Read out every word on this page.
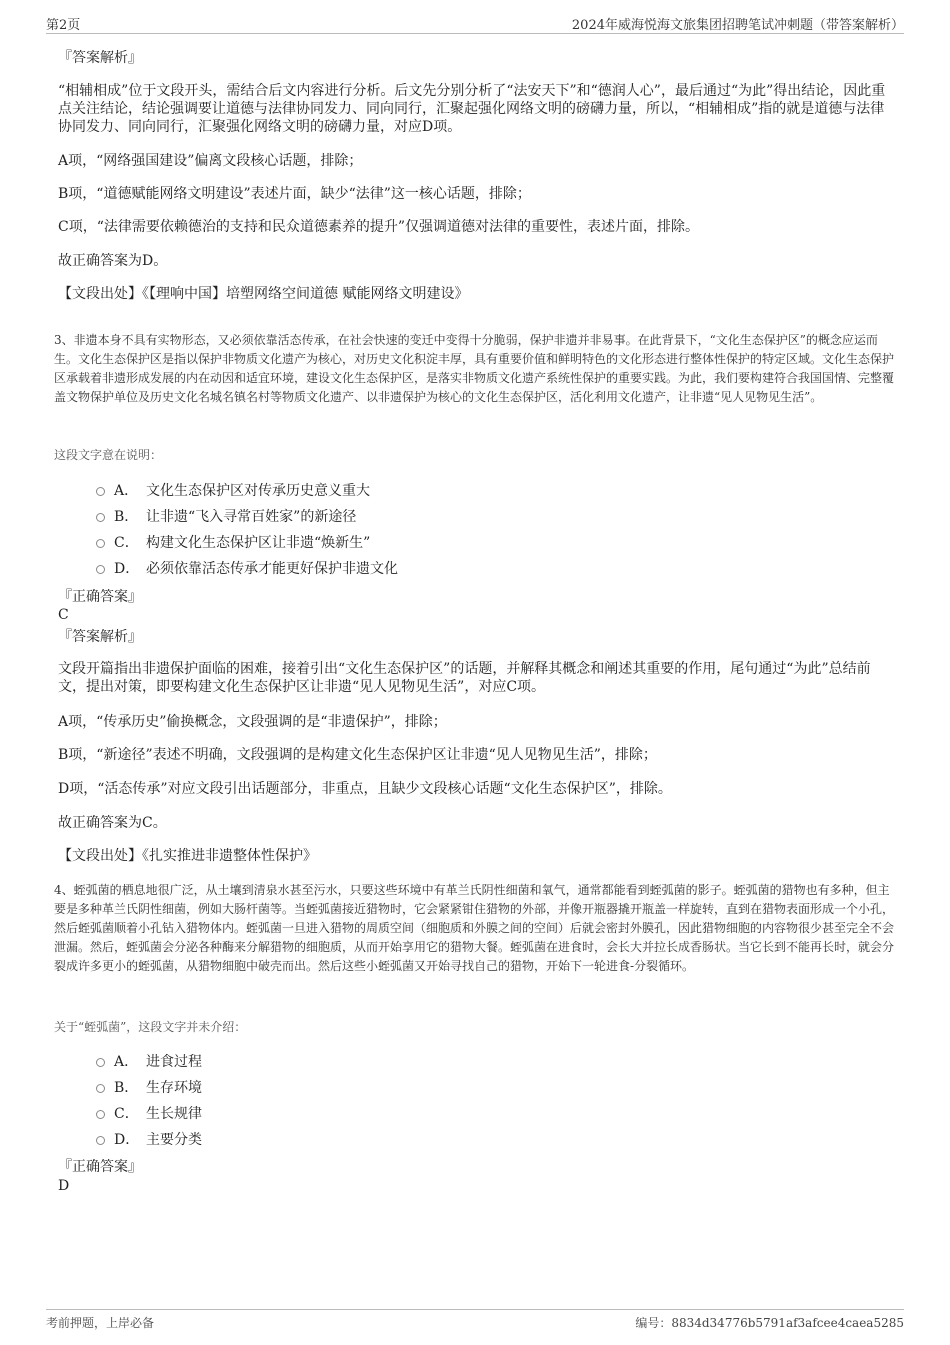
第2页	2024年威海悦海文旅集团招聘笔试冲刺题（带答案解析）
『答案解析』
“相辅相成”位于文段开头，需结合后文内容进行分析。后文先分别分析了“法安天下”和“德润人心”，最后通过“为此”得出结论，因此重点关注结论，结论强调要让道德与法律协同发力、同向同行，汇聚起强化网络文明的磅礴力量，所以，“相辅相成”指的就是道德与法律协同发力、同向同行，汇聚强化网络文明的磅礴力量，对应D项。
A项，“网络强国建设”偏离文段核心话题，排除；
B项，“道德赋能网络文明建设”表述片面，缺少“法律”这一核心话题，排除；
C项，“法律需要依赖德治的支持和民众道德素养的提升”仅强调道德对法律的重要性，表述片面，排除。
故正确答案为D。
【文段出处】《【理响中国】培塑网络空间道德 赋能网络文明建设》
3、非遗本身不具有实物形态，又必须依靠活态传承，在社会快速的变迁中变得十分脆弱，保护非遗并非易事。在此背景下，“文化生态保护区”的概念应运而生。文化生态保护区是指以保护非物质文化遗产为核心，对历史文化积淀丰厚，具有重要价值和鲜明特色的文化形态进行整体性保护的特定区域。文化生态保护区承载着非遗形成发展的内在动因和适宜环境，建设文化生态保护区，是落实非物质文化遗产系统性保护的重要实践。为此，我们要构建符合我国国情、完整覆盖文物保护单位及历史文化名城名镇名村等物质文化遗产、以非遗保护为核心的文化生态保护区，活化利用文化遗产，让非遗“见人见物见生活”。
这段文字意在说明：
A． 文化生态保护区对传承历史意义重大
B． 让非遗“飞入寻常百姓家”的新途径
C． 构建文化生态保护区让非遗“焕新生”
D． 必须依靠活态传承才能更好保护非遗文化
『正确答案』
C
『答案解析』
文段开篇指出非遗保护面临的困难，接着引出“文化生态保护区”的话题，并解释其概念和阐述其重要的作用，尾句通过“为此”总结前文，提出对策，即要构建文化生态保护区让非遗“见人见物见生活”，对应C项。
A项，“传承历史”偷换概念，文段强调的是“非遗保护”，排除；
B项，“新途径”表述不明确，文段强调的是构建文化生态保护区让非遗“见人见物见生活”，排除；
D项，“活态传承”对应文段引出话题部分，非重点，且缺少文段核心话题“文化生态保护区”，排除。
故正确答案为C。
【文段出处】《扎实推进非遗整体性保护》
4、蛭弧菌的栖息地很广泛，从土壤到清泉水甚至污水，只要这些环境中有革兰氏阴性细菌和氧气，通常都能看到蛭弧菌的影子。蛭弧菌的猎物也有多种，但主要是多种革兰氏阴性细菌，例如大肠杆菌等。当蛭弧菌接近猎物时，它会紧紧钳住猎物的外部，并像开瓶器撬开瓶盖一样旋转，直到在猎物表面形成一个小孔，然后蛭弧菌顺着小孔钻入猎物体内。蛭弧菌一旦进入猎物的周质空间（细胞质和外膜之间的空间）后就会密封外膜孔，因此猎物细胞的内容物很少甚至完全不会泄漏。然后，蛭弧菌会分泌各种酶来分解猎物的细胞质，从而开始享用它的猎物大餐。蛭弧菌在进食时，会长大并拉长成香肠状。当它长到不能再长时，就会分裂成许多更小的蛭弧菌，从猎物细胞中破壳而出。然后这些小蛭弧菌又开始寻找自己的猎物，开始下一轮进食-分裂循环。
关于“蛭弧菌”，这段文字并未介绍：
A． 进食过程
B． 生存环境
C． 生长规律
D． 主要分类
『正确答案』
D
考前押题，上岸必备	编号：8834d34776b5791af3afcee4caea5285
